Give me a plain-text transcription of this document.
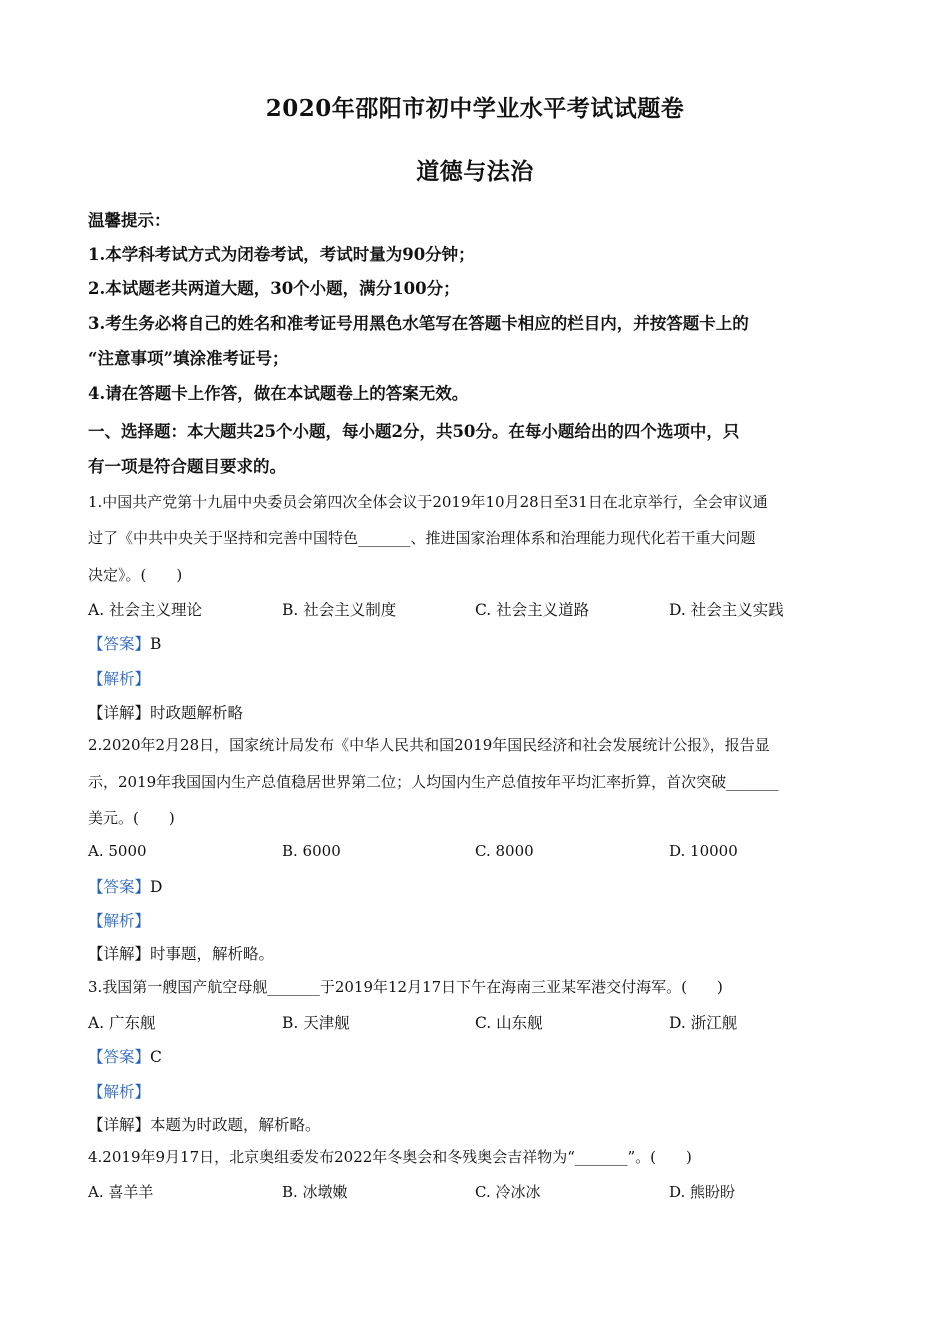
2020年邵阳市初中学业水平考试试题卷
道德与法治
温馨提示：
1.本学科考试方式为闭卷考试，考试时量为90分钟；
2.本试题老共两道大题，30个小题，满分100分；
3.考生务必将自己的姓名和准考证号用黑色水笔写在答题卡相应的栏目内，并按答题卡上的
“注意事项”填涂准考证号；
4.请在答题卡上作答，做在本试题卷上的答案无效。
一、选择题：本大题共25个小题，每小题2分，共50分。在每小题给出的四个选项中，只
有一项是符合题目要求的。
1.中国共产党第十九届中央委员会第四次全体会议于2019年10月28日至31日在北京举行，全会审议通
过了《中共中央关于坚持和完善中国特色_______、推进国家治理体系和治理能力现代化若干重大问题
决定》。(　　)
A. 社会主义理论	B. 社会主义制度	C. 社会主义道路	D. 社会主义实践
【答案】B
【解析】
【详解】时政题解析略
2.2020年2月28日，国家统计局发布《中华人民共和国2019年国民经济和社会发展统计公报》，报告显
示，2019年我国国内生产总值稳居世界第二位；人均国内生产总值按年平均汇率折算，首次突破_______
美元。(　　)
A. 5000	B. 6000	C. 8000	D. 10000
【答案】D
【解析】
【详解】时事题，解析略。
3.我国第一艘国产航空母舰_______于2019年12月17日下午在海南三亚某军港交付海军。(　　)
A. 广东舰	B. 天津舰	C. 山东舰	D. 浙江舰
【答案】C
【解析】
【详解】本题为时政题，解析略。
4.2019年9月17日，北京奥组委发布2022年冬奥会和冬残奥会吉祥物为“_______”。(　　)
A. 喜羊羊	B. 冰墩嫩	C. 冷冰冰	D. 熊盼盼
